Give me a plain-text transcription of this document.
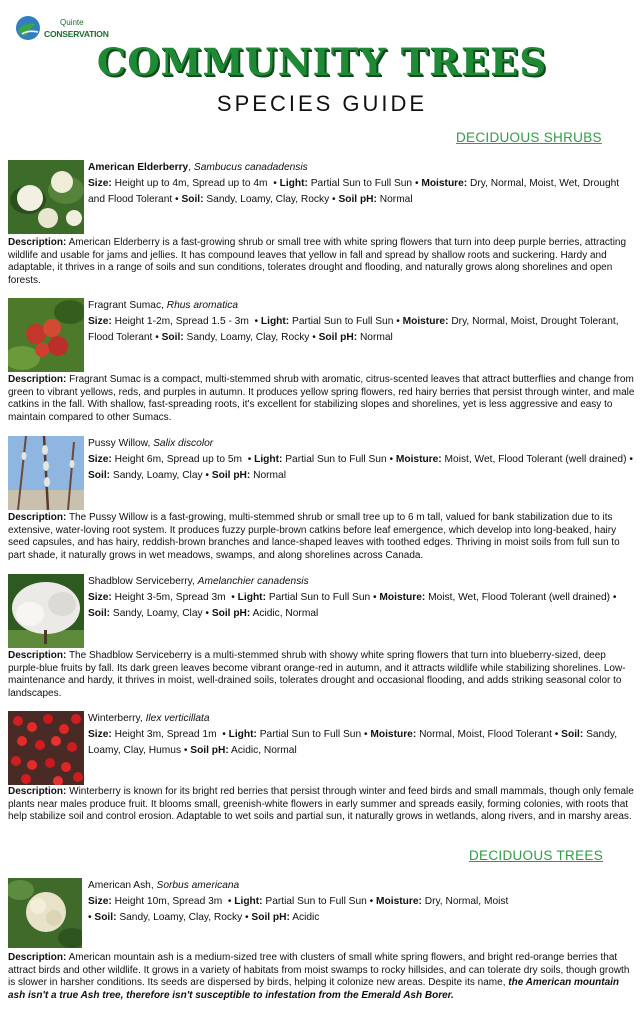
Quinte
CONSERVATION
COMMUNITY TREES
SPECIES GUIDE
DECIDUOUS SHRUBS
American Elderberry, Sambucus canadadensis
Size: Height up to 4m, Spread up to 4m  • Light: Partial Sun to Full Sun • Moisture: Dry, Normal, Moist, Wet, Drought and Flood Tolerant • Soil: Sandy, Loamy, Clay, Rocky • Soil pH: Normal
Description: American Elderberry is a fast-growing shrub or small tree with white spring flowers that turn into deep purple berries, attracting wildlife and usable for jams and jellies. It has compound leaves that yellow in fall and spread by shallow roots and suckering. Hardy and adaptable, it thrives in a range of soils and sun conditions, tolerates drought and flooding, and naturally grows along shorelines and open forests.
Fragrant Sumac, Rhus aromatica
Size: Height 1-2m, Spread 1.5 - 3m  • Light: Partial Sun to Full Sun • Moisture: Dry, Normal, Moist, Drought Tolerant, Flood Tolerant • Soil: Sandy, Loamy, Clay, Rocky • Soil pH: Normal
Description: Fragrant Sumac is a compact, multi-stemmed shrub with aromatic, citrus-scented leaves that attract butterflies and change from green to vibrant yellows, reds, and purples in autumn. It produces yellow spring flowers, red hairy berries that persist through winter, and male catkins in the fall. With shallow, fast-spreading roots, it's excellent for stabilizing slopes and shorelines, yet is less aggressive and easy to maintain compared to other Sumacs.
Pussy Willow, Salix discolor
Size: Height 6m, Spread up to 5m  • Light: Partial Sun to Full Sun • Moisture: Moist, Wet, Flood Tolerant (well drained) • Soil: Sandy, Loamy, Clay • Soil pH: Normal
Description: The Pussy Willow is a fast-growing, multi-stemmed shrub or small tree up to 6 m tall, valued for bank stabilization due to its extensive, water-loving root system. It produces fuzzy purple-brown catkins before leaf emergence, which develop into long-beaked, hairy seed capsules, and has hairy, reddish-brown branches and lance-shaped leaves with toothed edges. Thriving in moist soils from full sun to part shade, it naturally grows in wet meadows, swamps, and along shorelines across Canada.
Shadblow Serviceberry, Amelanchier canadensis
Size: Height 3-5m, Spread 3m  • Light: Partial Sun to Full Sun • Moisture: Moist, Wet, Flood Tolerant (well drained) • Soil: Sandy, Loamy, Clay • Soil pH: Acidic, Normal
Description: The Shadblow Serviceberry is a multi-stemmed shrub with showy white spring flowers that turn into blueberry-sized, deep purple-blue fruits by fall. Its dark green leaves become vibrant orange-red in autumn, and it attracts wildlife while stabilizing shorelines. Low-maintenance and hardy, it thrives in moist, well-drained soils, tolerates drought and occasional flooding, and adds striking seasonal color to landscapes.
Winterberry, Ilex verticillata
Size: Height 3m, Spread 1m  • Light: Partial Sun to Full Sun • Moisture: Normal, Moist, Flood Tolerant • Soil: Sandy, Loamy, Clay, Humus • Soil pH: Acidic, Normal
Description: Winterberry is known for its bright red berries that persist through winter and feed birds and small mammals, though only female plants near males produce fruit. It blooms small, greenish-white flowers in early summer and spreads easily, forming colonies, with roots that help stabilize soil and control erosion. Adaptable to wet soils and partial sun, it naturally grows in wetlands, along rivers, and in marshy areas.
DECIDUOUS TREES
American Ash, Sorbus americana
Size: Height 10m, Spread 3m  • Light: Partial Sun to Full Sun • Moisture: Dry, Normal, Moist
• Soil: Sandy, Loamy, Clay, Rocky • Soil pH: Acidic
Description: American mountain ash is a medium-sized tree with clusters of small white spring flowers, and bright red-orange berries that attract birds and other wildlife. It grows in a variety of habitats from moist swamps to rocky hillsides, and can tolerate dry soils, though growth is slower in harsher conditions. Its seeds are dispersed by birds, helping it colonize new areas. Despite its name, the American mountain ash isn't a true Ash tree, therefore isn't susceptible to infestation from the Emerald Ash Borer.
